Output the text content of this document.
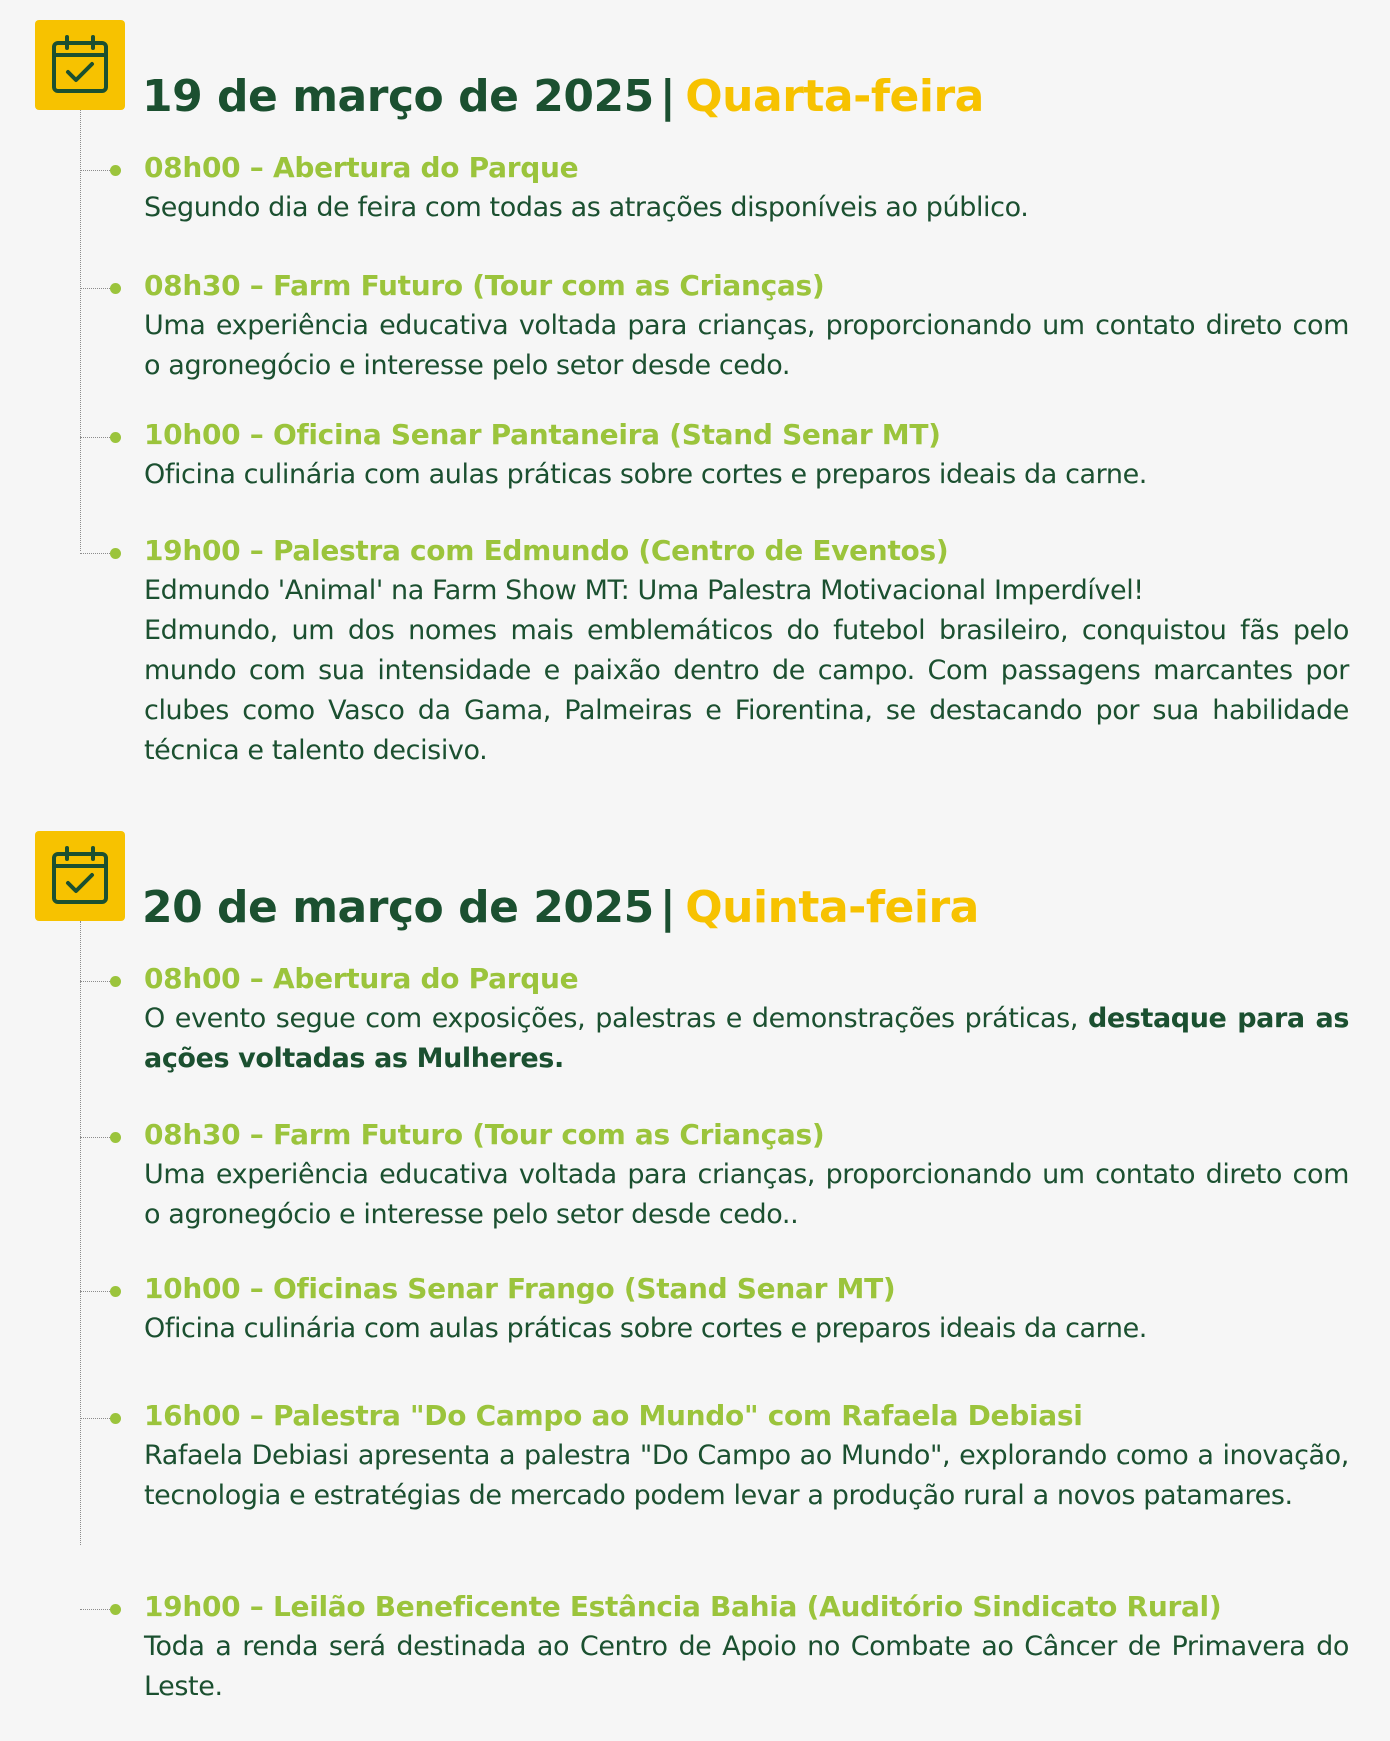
19 de março de 2025 | Quarta-feira
08h00 – Abertura do Parque
Segundo dia de feira com todas as atrações disponíveis ao público.
08h30 – Farm Futuro (Tour com as Crianças)
Uma experiência educativa voltada para crianças, proporcionando um contato direto com o agronegócio e interesse pelo setor desde cedo.
10h00 – Oficina Senar Pantaneira (Stand Senar MT)
Oficina culinária com aulas práticas sobre cortes e preparos ideais da carne.
19h00 – Palestra com Edmundo (Centro de Eventos)
Edmundo 'Animal' na Farm Show MT: Uma Palestra Motivacional Imperdível!
Edmundo, um dos nomes mais emblemáticos do futebol brasileiro, conquistou fãs pelo mundo com sua intensidade e paixão dentro de campo. Com passagens marcantes por clubes como Vasco da Gama, Palmeiras e Fiorentina, se destacando por sua habilidade técnica e talento decisivo.
20 de março de 2025 | Quinta-feira
08h00 – Abertura do Parque
O evento segue com exposições, palestras e demonstrações práticas, destaque para as ações voltadas as Mulheres.
08h30 – Farm Futuro (Tour com as Crianças)
Uma experiência educativa voltada para crianças, proporcionando um contato direto com o agronegócio e interesse pelo setor desde cedo..
10h00 – Oficinas Senar Frango (Stand Senar MT)
Oficina culinária com aulas práticas sobre cortes e preparos ideais da carne.
16h00 – Palestra "Do Campo ao Mundo" com Rafaela Debiasi
Rafaela Debiasi apresenta a palestra "Do Campo ao Mundo", explorando como a inovação, tecnologia e estratégias de mercado podem levar a produção rural a novos patamares.
19h00 – Leilão Beneficente Estância Bahia (Auditório Sindicato Rural)
Toda a renda será destinada ao Centro de Apoio no Combate ao Câncer de Primavera do Leste.
